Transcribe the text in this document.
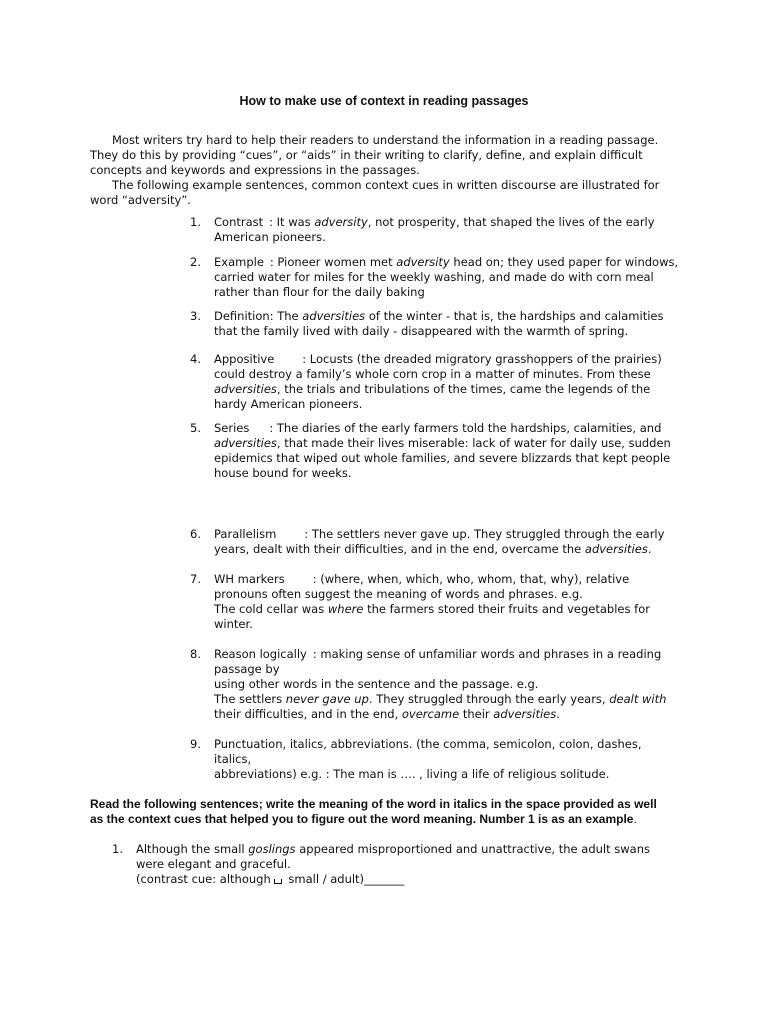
How to make use of context in reading passages

Most writers try hard to help their readers to understand the information in a reading passage. They do this by providing “cues”, or “aids” in their writing to clarify, define, and explain difficult concepts and keywords and expressions in the passages.

The following example sentences, common context cues in written discourse are illustrated for word “adversity”.

1.	Contrast : It was adversity, not prosperity, that shaped the lives of the early American pioneers.
2.	Example : Pioneer women met adversity head on; they used paper for windows, carried water for miles for the weekly washing, and made do with corn meal rather than flour for the daily baking
3.	Definition: The adversities of the winter - that is, the hardships and calamities that the family lived with daily - disappeared with the warmth of spring.
4.	Appositive : Locusts (the dreaded migratory grasshoppers of the prairies) could destroy a family’s whole corn crop in a matter of minutes. From these adversities, the trials and tribulations of the times, came the legends of the hardy American pioneers.
5.	Series : The diaries of the early farmers told the hardships, calamities, and adversities, that made their lives miserable: lack of water for daily use, sudden epidemics that wiped out whole families, and severe blizzards that kept people house bound for weeks.
6.	Parallelism : The settlers never gave up. They struggled through the early years, dealt with their difficulties, and in the end, overcame the adversities.
7.	WH markers : (where, when, which, who, whom, that, why), relative pronouns often suggest the meaning of words and phrases. e.g.
The cold cellar was where the farmers stored their fruits and vegetables for winter.
8.	Reason logically : making sense of unfamiliar words and phrases in a reading passage by
using other words in the sentence and the passage. e.g.
The settlers never gave up. They struggled through the early years, dealt with their difficulties, and in the end, overcame their adversities.
9.	Punctuation, italics, abbreviations. (the comma, semicolon, colon, dashes, italics,
abbreviations) e.g. : The man is …. , living a life of religious solitude.
Read the following sentences; write the meaning of the word in italics in the space provided as well as the context cues that helped you to figure out the word meaning. Number 1 is as an example.
1. Although the small goslings appeared misproportioned and unattractive, the adult swans were elegant and graceful.
(contrast cue: although small / adult)_______
